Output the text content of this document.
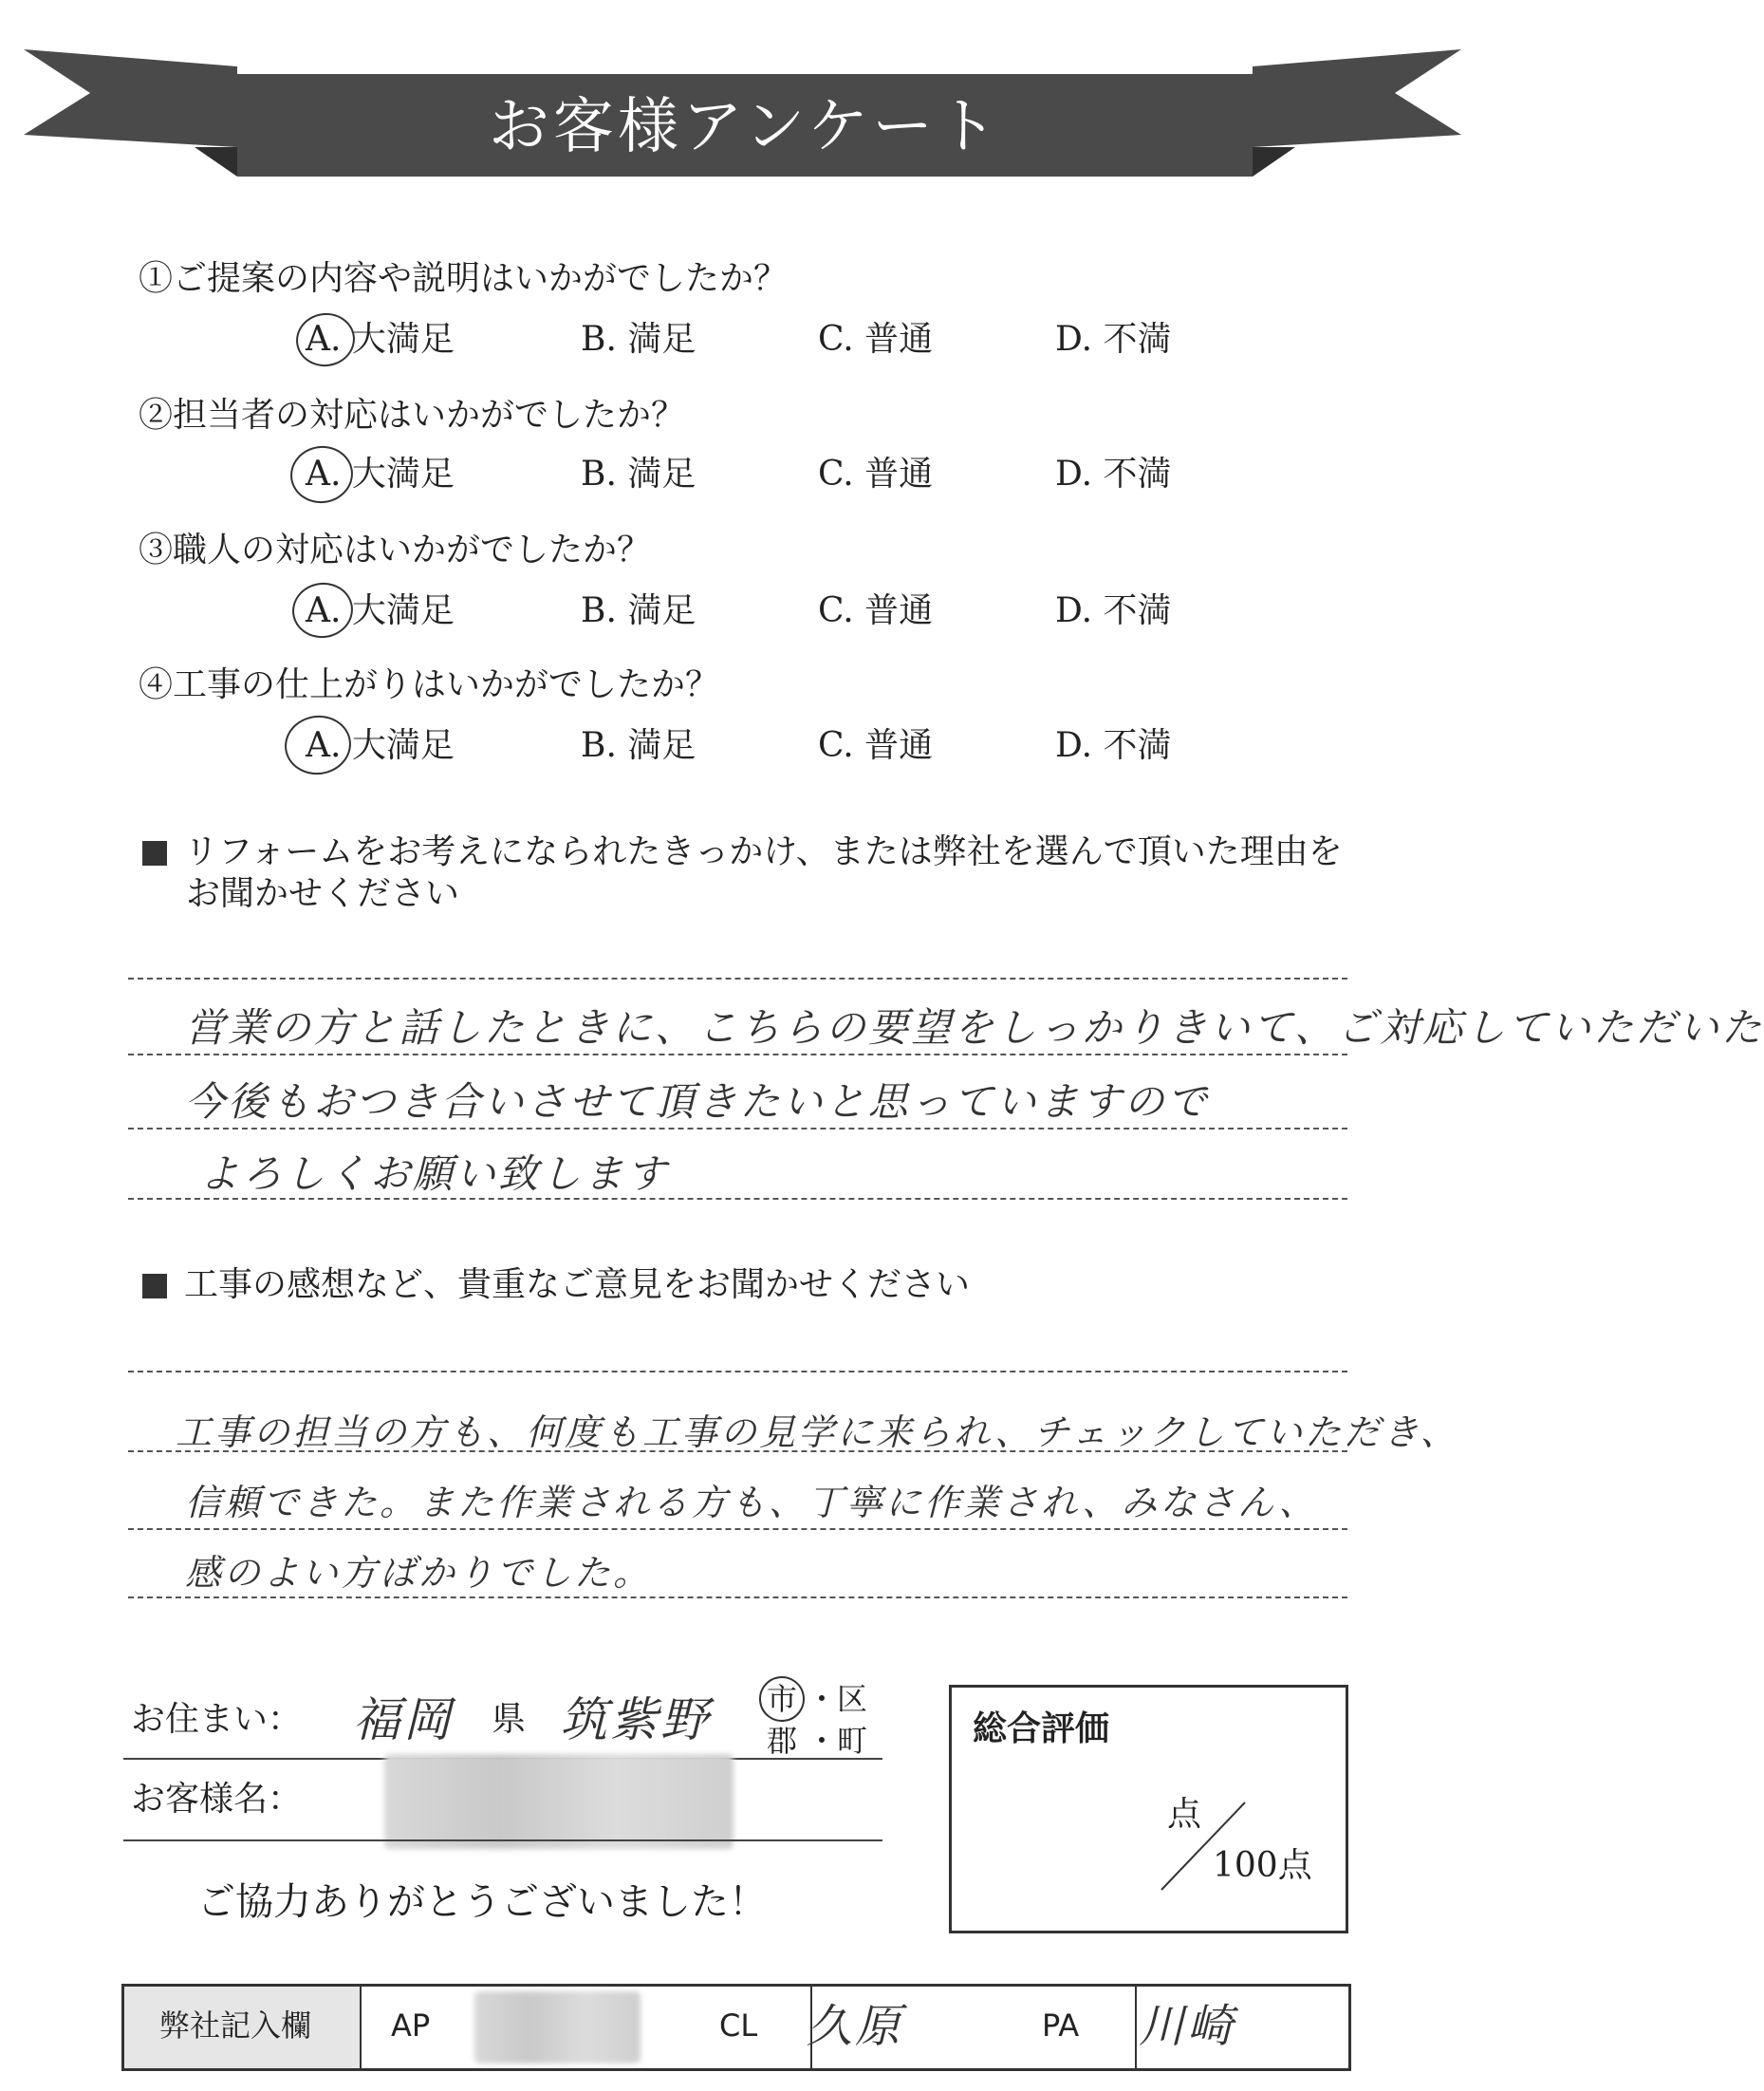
お客様アンケート
①ご提案の内容や説明はいかがでしたか？
A. 大満足	B. 満足	C. 普通	D. 不満
②担当者の対応はいかがでしたか？
A. 大満足	B. 満足	C. 普通	D. 不満
③職人の対応はいかがでしたか？
A. 大満足	B. 満足	C. 普通	D. 不満
④工事の仕上がりはいかがでしたか？
A. 大満足	B. 満足	C. 普通	D. 不満
リフォームをお考えになられたきっかけ、または弊社を選んで頂いた理由を
お聞かせください
営業の方と話したときに、こちらの要望をしっかりきいて、ご対応していただいた
今後もおつき合いさせて頂きたいと思っていますので
よろしくお願い致します
工事の感想など、貴重なご意見をお聞かせください
工事の担当の方も、何度も工事の見学に来られ、チェックしていただき、
信頼できた。また作業される方も、丁寧に作業され、みなさん、
感のよい方ばかりでした。
お住まい： 福岡 県 筑紫野 市 ・区
郡 ・町
お客様名：
ご協力ありがとうございました！
総合評価
点
100点
弊社記入欄	AP	CL 久原	PA 川崎
